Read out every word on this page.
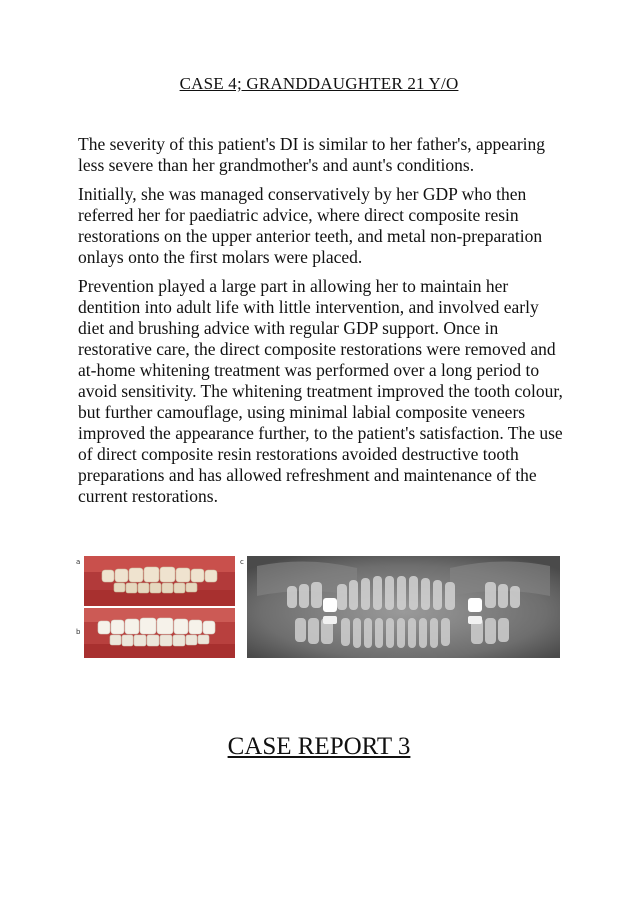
CASE 4; GRANDDAUGHTER 21 Y/O

The severity of this patient's DI is similar to her father's, appearing less severe than her grandmother's and aunt's conditions.

Initially, she was managed conservatively by her GDP who then referred her for paediatric advice, where direct composite resin restorations on the upper anterior teeth, and metal non-preparation onlays onto the first molars were placed.

Prevention played a large part in allowing her to maintain her dentition into adult life with little intervention, and involved early diet and brushing advice with regular GDP support. Once in restorative care, the direct composite restorations were removed and at-home whitening treatment was performed over a long period to avoid sensitivity. The whitening treatment improved the tooth colour, but further camouflage, using minimal labial composite veneers improved the appearance further, to the patient's satisfaction. The use of direct composite resin restorations avoided destructive tooth preparations and has allowed refreshment and maintenance of the current restorations.

a
b
c
CASE REPORT 3
